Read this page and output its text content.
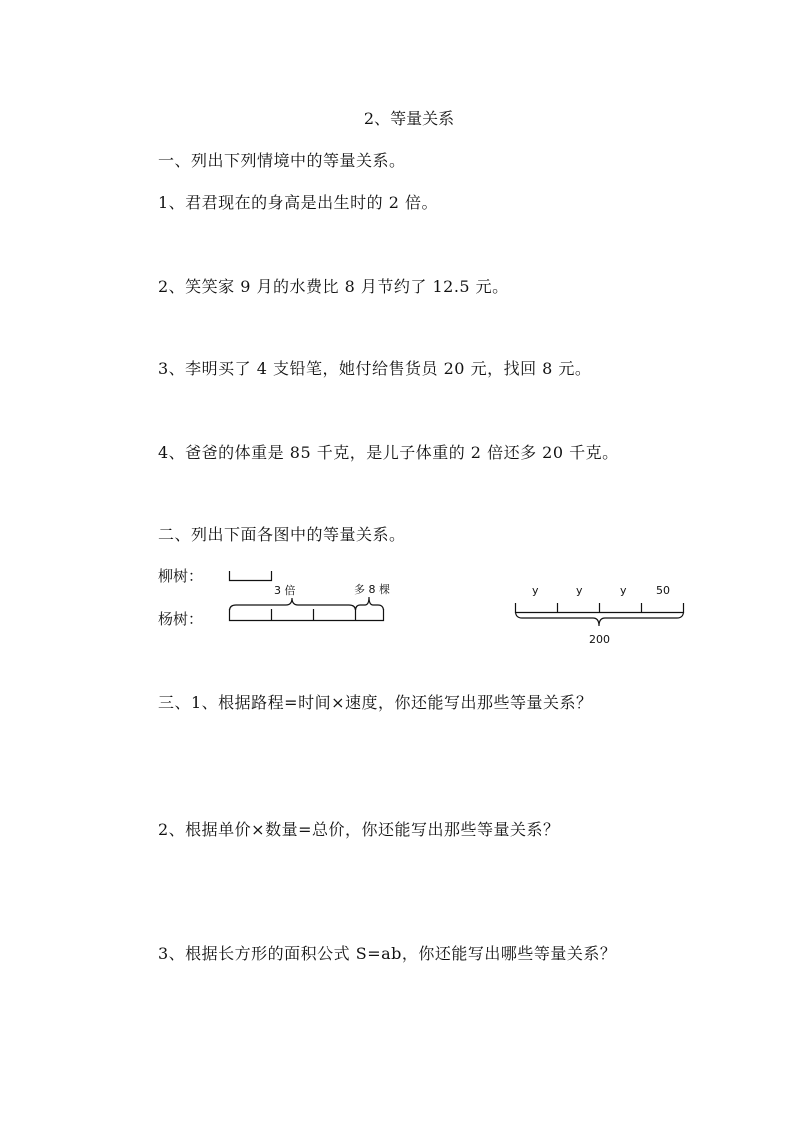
2、等量关系
一、列出下列情境中的等量关系。
1、君君现在的身高是出生时的 2 倍。
2、笑笑家 9 月的水费比 8 月节约了 12.5 元。
3、李明买了 4 支铅笔，她付给售货员 20 元，找回 8 元。
4、爸爸的体重是 85 千克，是儿子体重的 2 倍还多 20 千克。
二、列出下面各图中的等量关系。
柳树：
杨树：
3 倍	多 8 棵	y	y	y	50
200
三、1、根据路程=时间×速度，你还能写出那些等量关系？
2、根据单价×数量=总价，你还能写出那些等量关系？
3、根据长方形的面积公式 S=ab，你还能写出哪些等量关系？
